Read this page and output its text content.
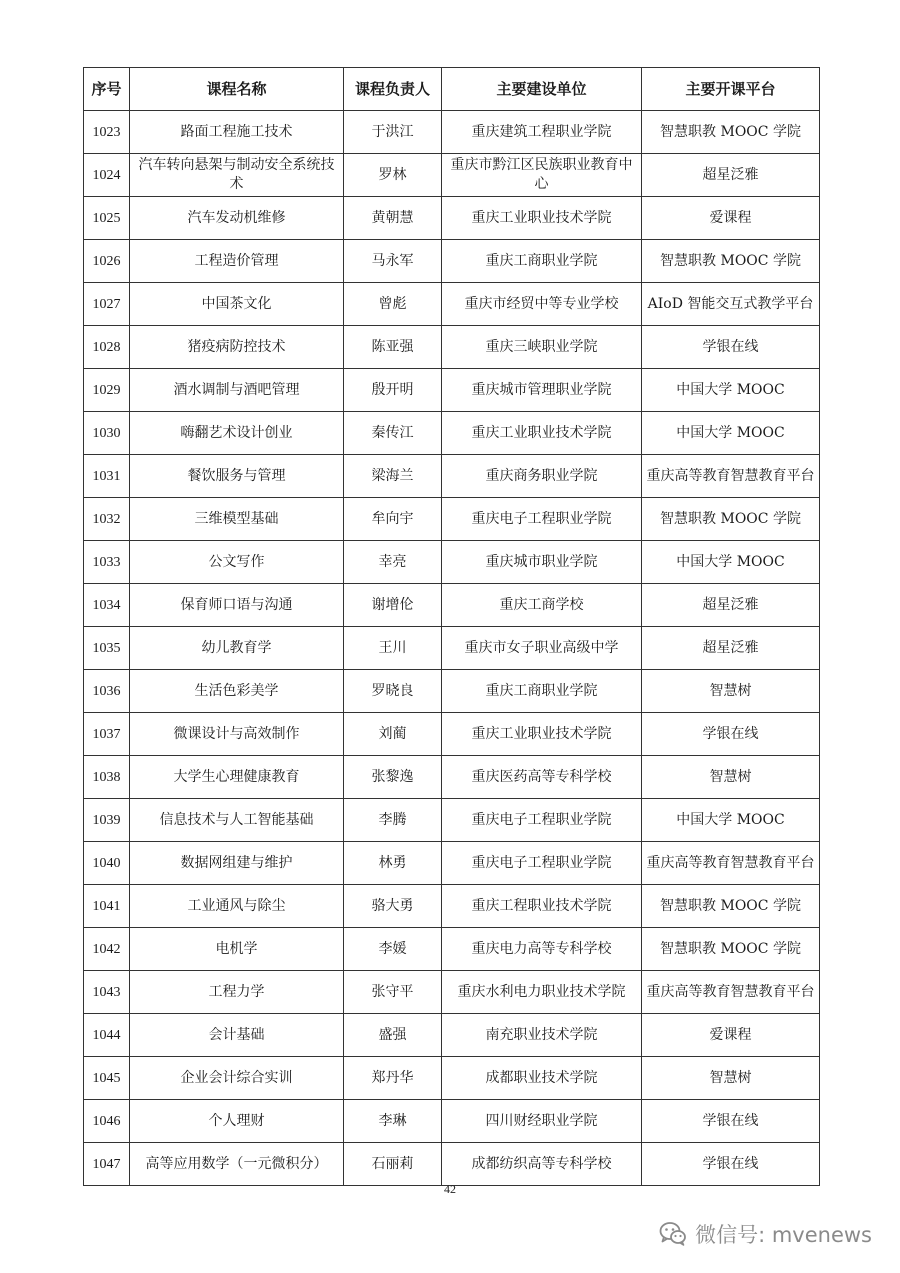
序号	课程名称	课程负责人	主要建设单位	主要开课平台
1023	路面工程施工技术	于洪江	重庆建筑工程职业学院	智慧职教 MOOC 学院
1024	汽车转向悬架与制动安全系统技术	罗林	重庆市黔江区民族职业教育中心	超星泛雅
1025	汽车发动机维修	黄朝慧	重庆工业职业技术学院	爱课程
1026	工程造价管理	马永军	重庆工商职业学院	智慧职教 MOOC 学院
1027	中国茶文化	曾彪	重庆市经贸中等专业学校	AIoD 智能交互式教学平台
1028	猪疫病防控技术	陈亚强	重庆三峡职业学院	学银在线
1029	酒水调制与酒吧管理	殷开明	重庆城市管理职业学院	中国大学 MOOC
1030	嗨翻艺术设计创业	秦传江	重庆工业职业技术学院	中国大学 MOOC
1031	餐饮服务与管理	梁海兰	重庆商务职业学院	重庆高等教育智慧教育平台
1032	三维模型基础	牟向宇	重庆电子工程职业学院	智慧职教 MOOC 学院
1033	公文写作	幸亮	重庆城市职业学院	中国大学 MOOC
1034	保育师口语与沟通	谢增伦	重庆工商学校	超星泛雅
1035	幼儿教育学	王川	重庆市女子职业高级中学	超星泛雅
1036	生活色彩美学	罗晓良	重庆工商职业学院	智慧树
1037	微课设计与高效制作	刘蔺	重庆工业职业技术学院	学银在线
1038	大学生心理健康教育	张黎逸	重庆医药高等专科学校	智慧树
1039	信息技术与人工智能基础	李腾	重庆电子工程职业学院	中国大学 MOOC
1040	数据网组建与维护	林勇	重庆电子工程职业学院	重庆高等教育智慧教育平台
1041	工业通风与除尘	骆大勇	重庆工程职业技术学院	智慧职教 MOOC 学院
1042	电机学	李媛	重庆电力高等专科学校	智慧职教 MOOC 学院
1043	工程力学	张守平	重庆水利电力职业技术学院	重庆高等教育智慧教育平台
1044	会计基础	盛强	南充职业技术学院	爱课程
1045	企业会计综合实训	郑丹华	成都职业技术学院	智慧树
1046	个人理财	李琳	四川财经职业学院	学银在线
1047	高等应用数学（一元微积分）	石丽莉	成都纺织高等专科学校	学银在线
42
微信号: mvenews
